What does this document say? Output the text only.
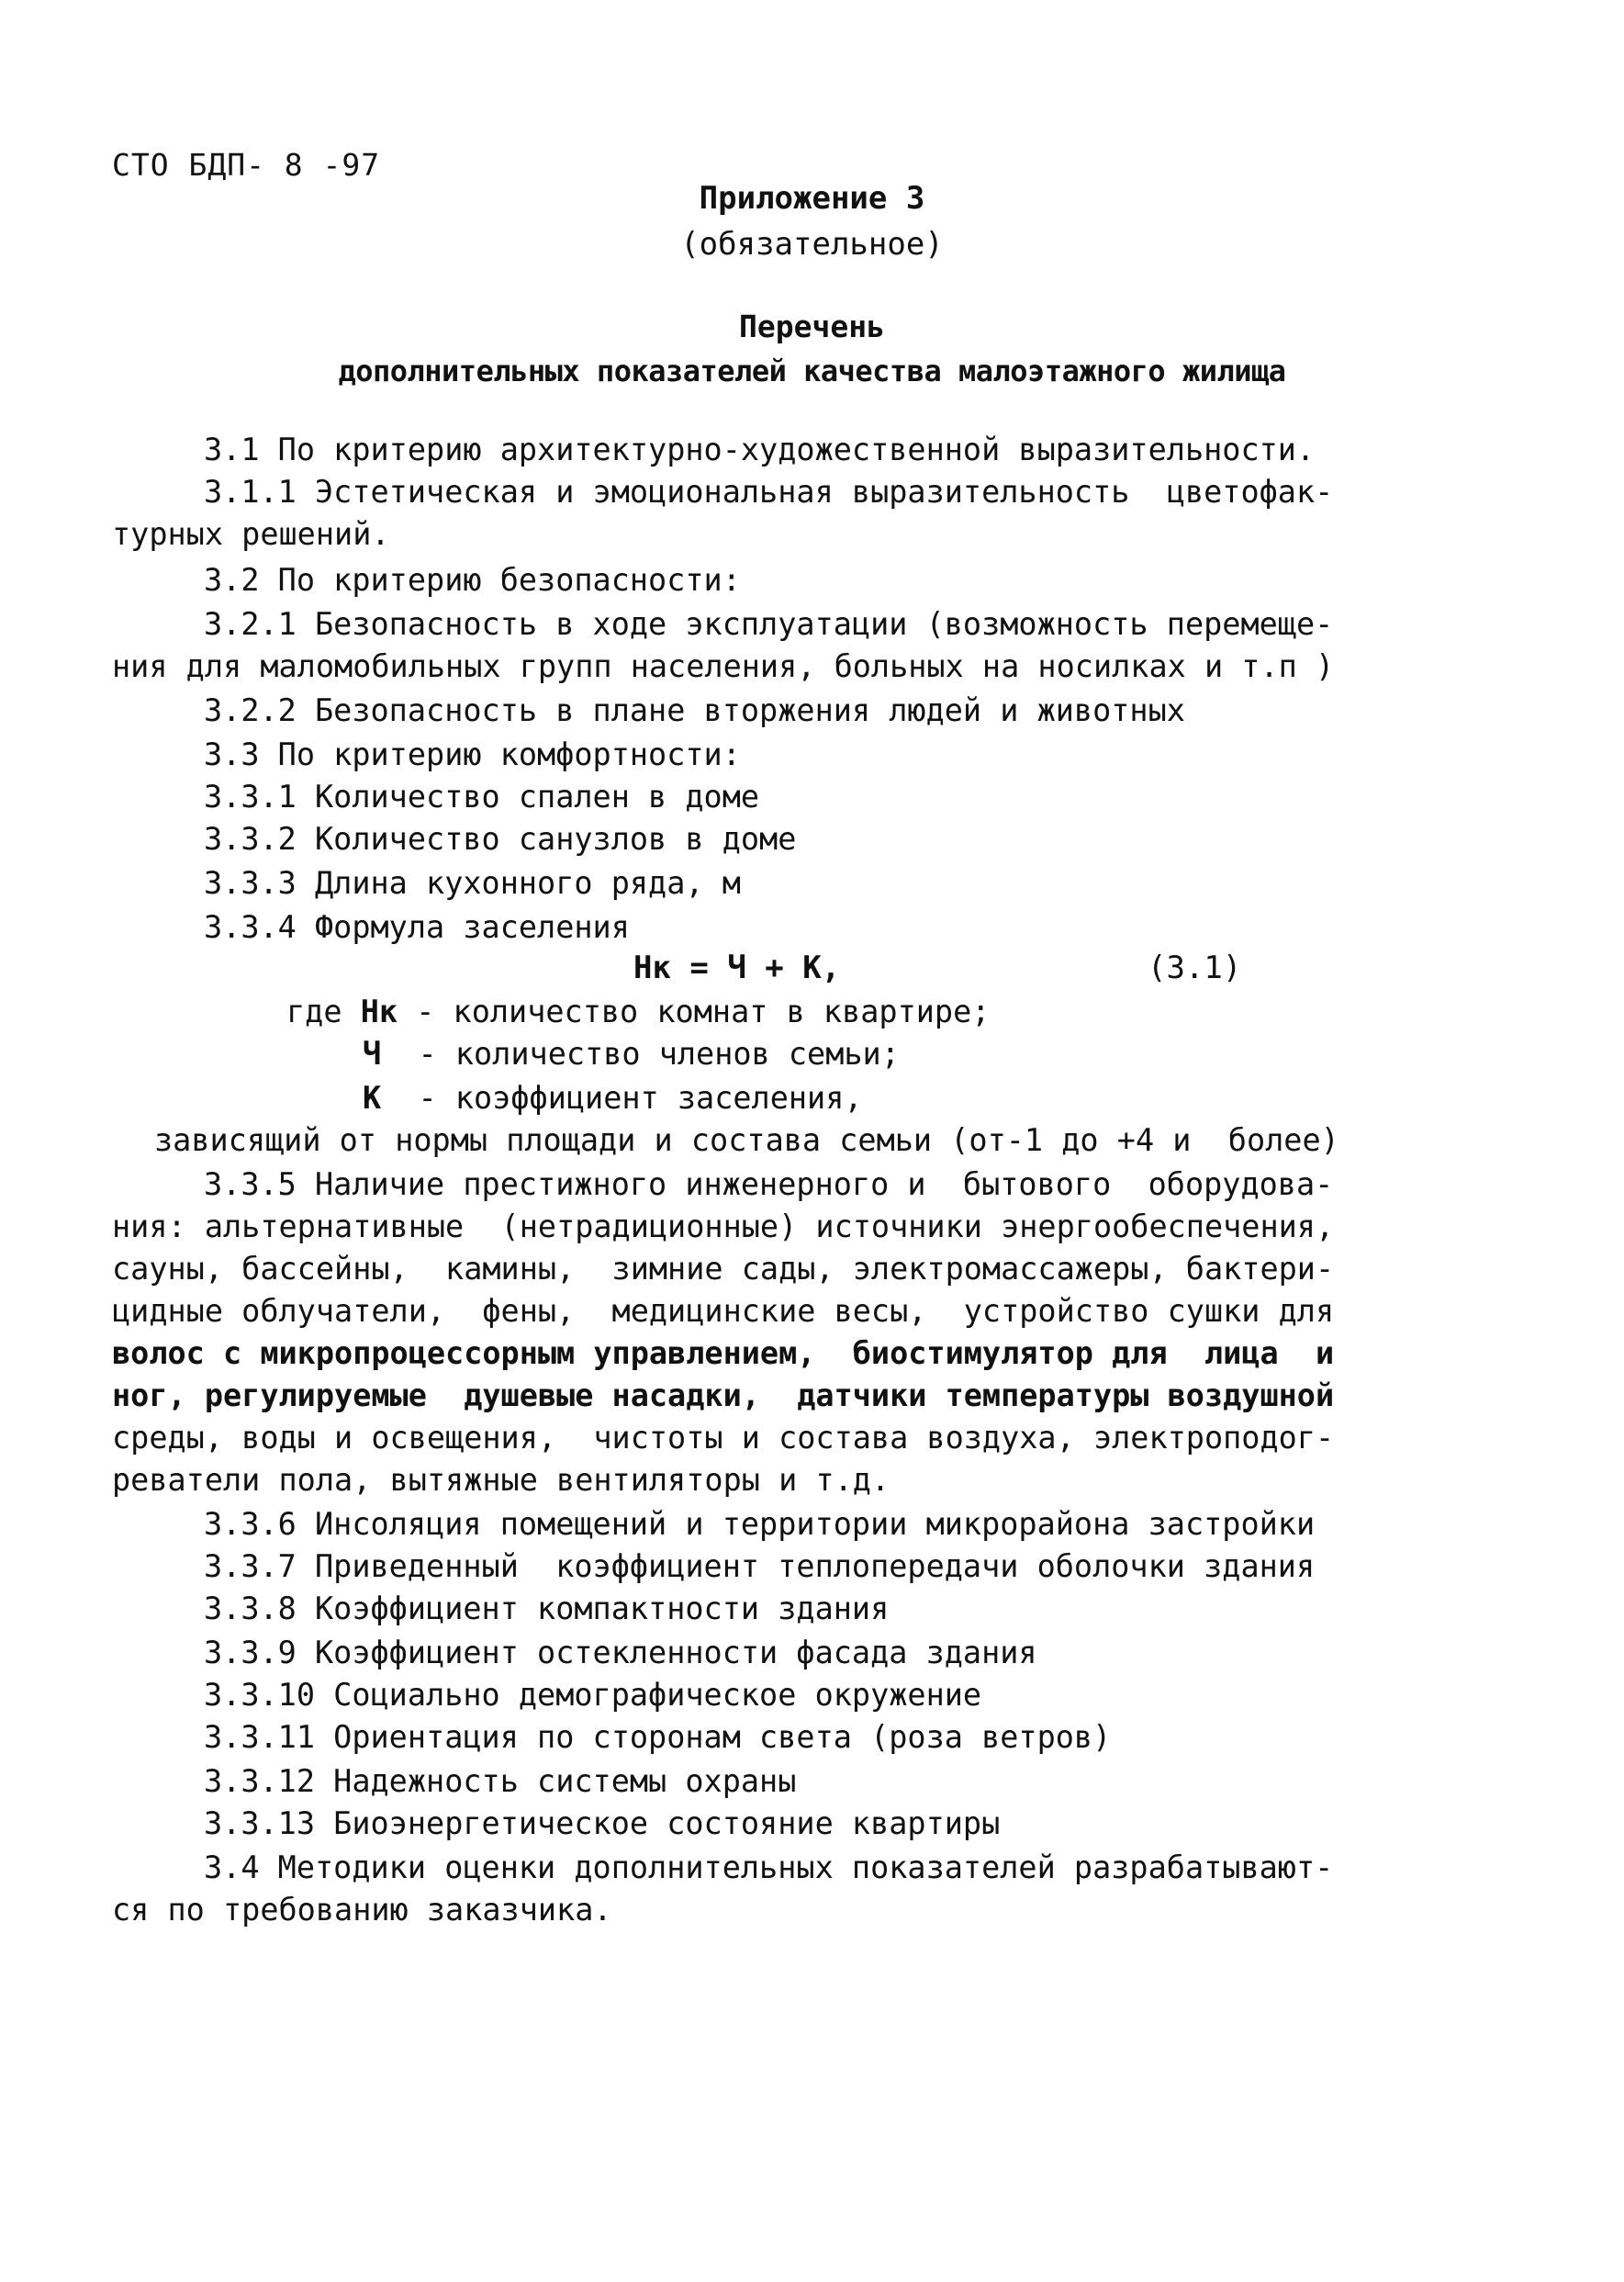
СТО БДП- 8 -97
Приложение 3
(обязательное)
Перечень
дополнительных показателей качества малоэтажного жилища
3.1 По критерию архитектурно-художественной выразительности.
3.1.1 Эстетическая и эмоциональная выразительность  цветофак-
турных решений.
3.2 По критерию безопасности:
3.2.1 Безопасность в ходе эксплуатации (возможность перемеще-
ния для маломобильных групп населения, больных на носилках и т.п )
3.2.2 Безопасность в плане вторжения людей и животных
3.3 По критерию комфортности:
3.3.1 Количество спален в доме
3.3.2 Количество санузлов в доме
3.3.3 Длина кухонного ряда, м
3.3.4 Формула заселения
Нк = Ч + К,	(3.1)
где Нк - количество комнат в квартире;
Ч  - количество членов семьи;
К  - коэффициент заселения,
зависящий от нормы площади и состава семьи (от-1 до +4 и  более)
3.3.5 Наличие престижного инженерного и  бытового  оборудова-
ния: альтернативные  (нетрадиционные) источники энергообеспечения,
сауны, бассейны,  камины,  зимние сады, электромассажеры, бактери-
цидные облучатели,  фены,  медицинские весы,  устройство сушки для
волос с микропроцессорным управлением,  биостимулятор для  лица  и
ног, регулируемые  душевые насадки,  датчики температуры воздушной
среды, воды и освещения,  чистоты и состава воздуха, электроподог-
реватели пола, вытяжные вентиляторы и т.д.
3.3.6 Инсоляция помещений и территории микрорайона застройки
3.3.7 Приведенный  коэффициент теплопередачи оболочки здания
3.3.8 Коэффициент компактности здания
3.3.9 Коэффициент остекленности фасада здания
3.3.10 Социально демографическое окружение
3.3.11 Ориентация по сторонам света (роза ветров)
3.3.12 Надежность системы охраны
3.3.13 Биоэнергетическое состояние квартиры
3.4 Методики оценки дополнительных показателей разрабатывают-
ся по требованию заказчика.
